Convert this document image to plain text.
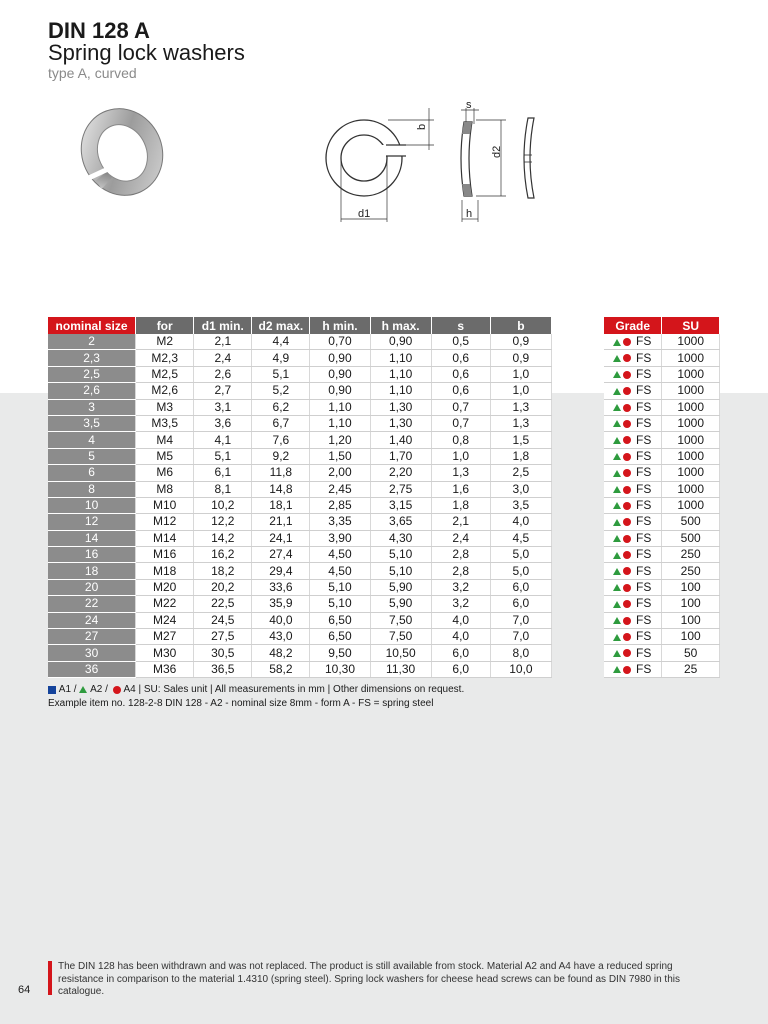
DIN 128 A
Spring lock washers
type A, curved
b
d1
s
d2
h
nominal size	for	d1 min.	d2 max.	h min.	h max.	s	b
2	M2	2,1	4,4	0,70	0,90	0,5	0,9
2,3	M2,3	2,4	4,9	0,90	1,10	0,6	0,9
2,5	M2,5	2,6	5,1	0,90	1,10	0,6	1,0
2,6	M2,6	2,7	5,2	0,90	1,10	0,6	1,0
3	M3	3,1	6,2	1,10	1,30	0,7	1,3
3,5	M3,5	3,6	6,7	1,10	1,30	0,7	1,3
4	M4	4,1	7,6	1,20	1,40	0,8	1,5
5	M5	5,1	9,2	1,50	1,70	1,0	1,8
6	M6	6,1	11,8	2,00	2,20	1,3	2,5
8	M8	8,1	14,8	2,45	2,75	1,6	3,0
10	M10	10,2	18,1	2,85	3,15	1,8	3,5
12	M12	12,2	21,1	3,35	3,65	2,1	4,0
14	M14	14,2	24,1	3,90	4,30	2,4	4,5
16	M16	16,2	27,4	4,50	5,10	2,8	5,0
18	M18	18,2	29,4	4,50	5,10	2,8	5,0
20	M20	20,2	33,6	5,10	5,90	3,2	6,0
22	M22	22,5	35,9	5,10	5,90	3,2	6,0
24	M24	24,5	40,0	6,50	7,50	4,0	7,0
27	M27	27,5	43,0	6,50	7,50	4,0	7,0
30	M30	30,5	48,2	9,50	10,50	6,0	8,0
36	M36	36,5	58,2	10,30	11,30	6,0	10,0
Grade	SU
FS	1000
FS	1000
FS	1000
FS	1000
FS	1000
FS	1000
FS	1000
FS	1000
FS	1000
FS	1000
FS	1000
FS	500
FS	500
FS	250
FS	250
FS	100
FS	100
FS	100
FS	100
FS	50
FS	25
A1 / A2 / A4 | SU: Sales unit | All measurements in mm | Other dimensions on request.
Example item no. 128-2-8 DIN 128 - A2 - nominal size 8mm - form A - FS = spring steel
The DIN 128 has been withdrawn and was not replaced. The product is still available from stock. Material A2 and A4 have a reduced spring resistance in comparison to the material 1.4310 (spring steel). Spring lock washers for cheese head screws can be found as DIN 7980 in this catalogue.
64
